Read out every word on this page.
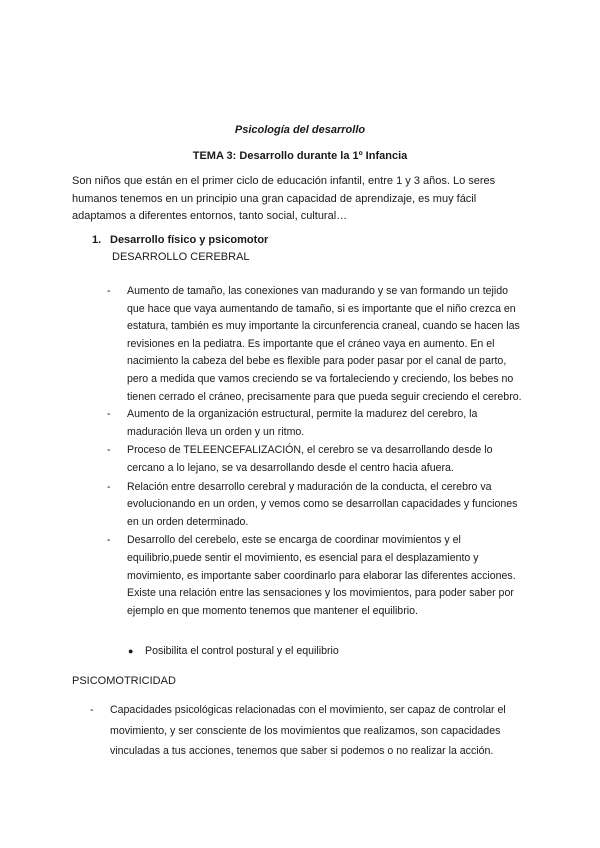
Psicología del desarrollo
TEMA 3: Desarrollo durante la 1º Infancia
Son niños que están en el primer ciclo de educación infantil, entre 1 y 3 años. Lo seres humanos tenemos en un principio una gran capacidad de aprendizaje, es muy fácil adaptamos a diferentes entornos, tanto social, cultural…
1. Desarrollo físico y psicomotor
DESARROLLO CEREBRAL
- Aumento de tamaño, las conexiones van madurando y se van formando un tejido que hace que vaya aumentando de tamaño, si es importante que el niño crezca en estatura, también es muy importante la circunferencia craneal, cuando se hacen las revisiones en la pediatra. Es importante que el cráneo vaya en aumento. En el nacimiento la cabeza del bebe es flexible para poder pasar por el canal de parto, pero a medida que vamos creciendo se va fortaleciendo y creciendo, los bebes no tienen cerrado el cráneo, precisamente para que pueda seguir creciendo el cerebro.
- Aumento de la organización estructural, permite la madurez del cerebro, la maduración lleva un orden y un ritmo.
- Proceso de TELEENCEFALIZACIÓN, el cerebro se va desarrollando desde lo cercano a lo lejano, se va desarrollando desde el centro hacia afuera.
- Relación entre desarrollo cerebral y maduración de la conducta, el cerebro va evolucionando en un orden, y vemos como se desarrollan capacidades y funciones en un orden determinado.
- Desarrollo del cerebelo, este se encarga de coordinar movimientos y el equilibrio,puede sentir el movimiento, es esencial para el desplazamiento y movimiento, es importante saber coordinarlo para elaborar las diferentes acciones. Existe una relación entre las sensaciones y los movimientos, para poder saber por ejemplo en que momento tenemos que mantener el equilibrio.
● Posibilita el control postural y el equilibrio
PSICOMOTRICIDAD
- Capacidades psicológicas relacionadas con el movimiento, ser capaz de controlar el movimiento, y ser consciente de los movimientos que realizamos, son capacidades vinculadas a tus acciones, tenemos que saber si podemos o no realizar la acción.
